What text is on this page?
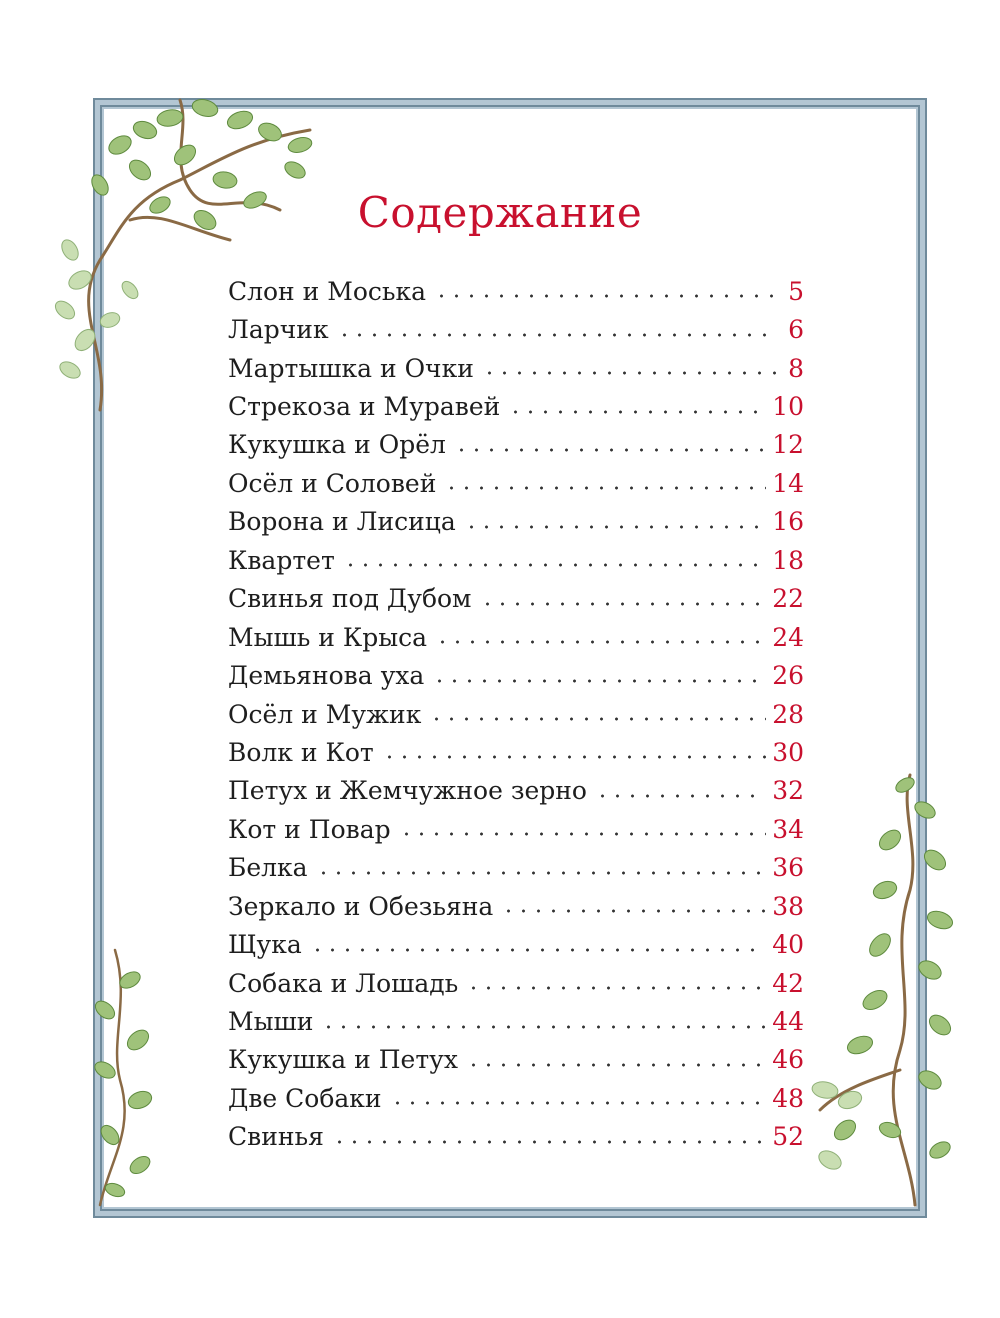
Содержание
Слон и Моська	5
Ларчик	6
Мартышка и Очки	8
Стрекоза и Муравей	10
Кукушка и Орёл	12
Осёл и Соловей	14
Ворона и Лисица	16
Квартет	18
Свинья под Дубом	22
Мышь и Крыса	24
Демьянова уха	26
Осёл и Мужик	28
Волк и Кот	30
Петух и Жемчужное зерно	32
Кот и Повар	34
Белка	36
Зеркало и Обезьяна	38
Щука	40
Собака и Лошадь	42
Мыши	44
Кукушка и Петух	46
Две Собаки	48
Свинья	52
